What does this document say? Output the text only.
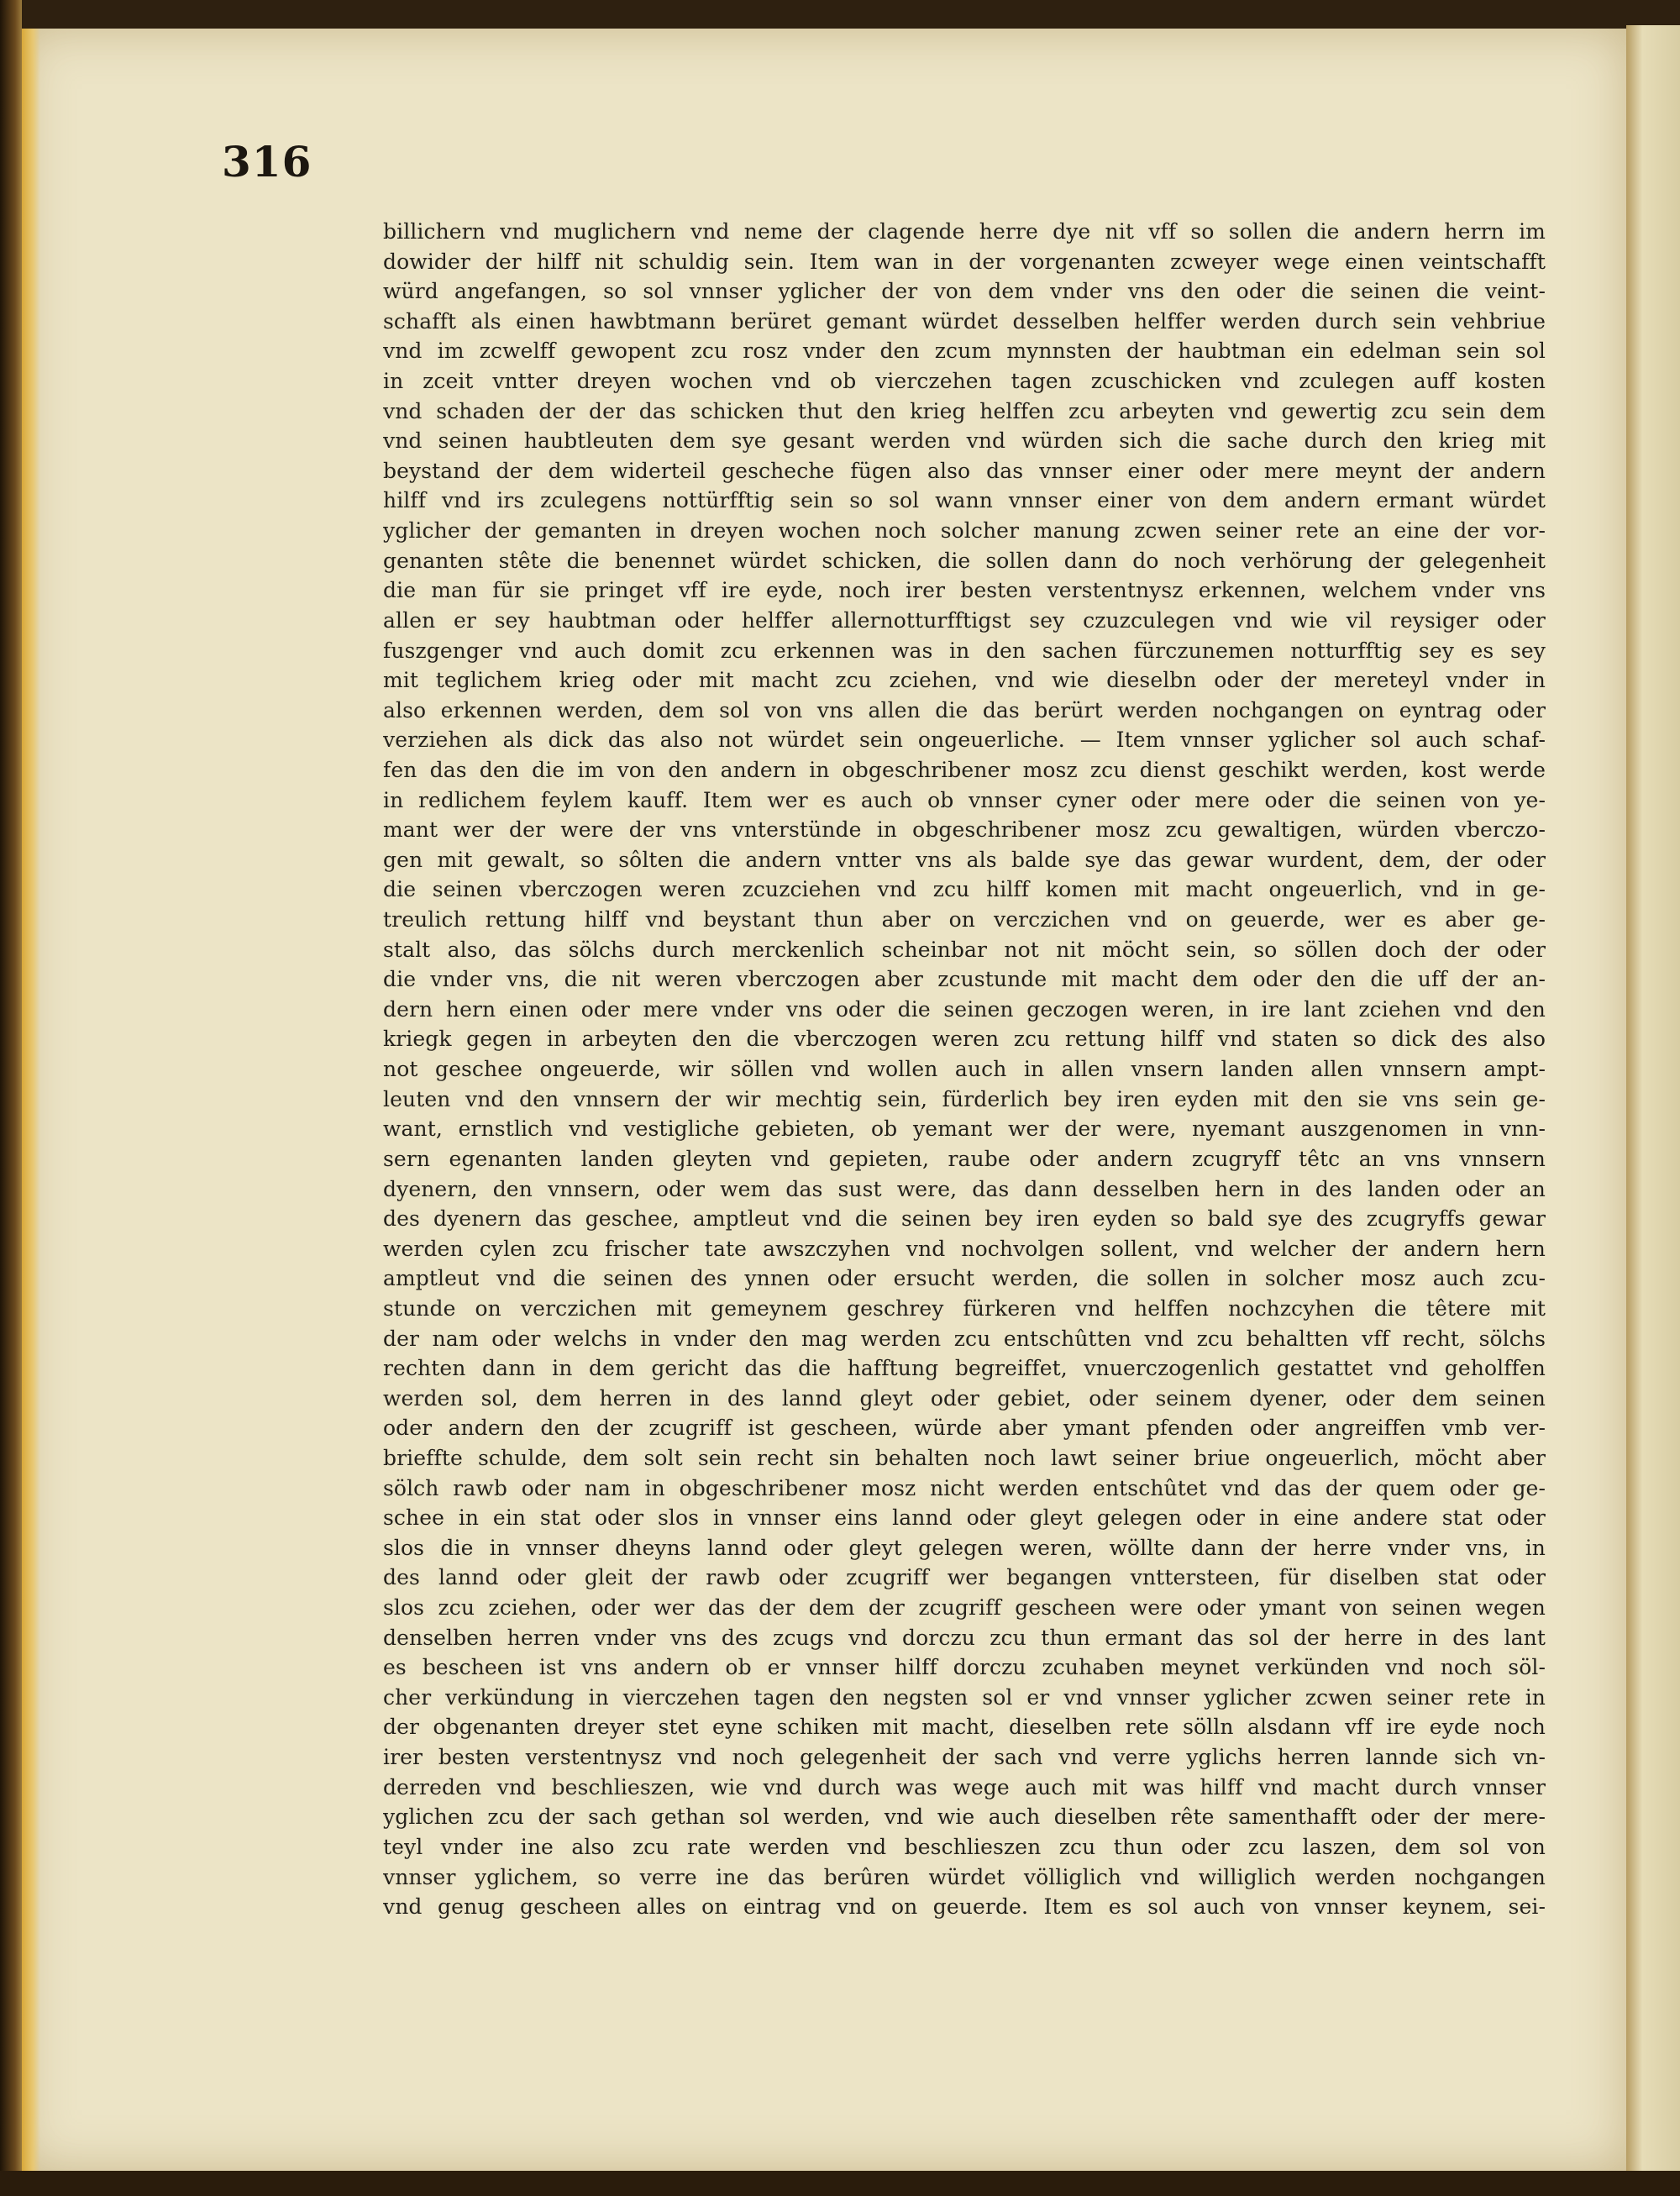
316
billichern vnd muglichern vnd neme der clagende herre dye nit vff so sollen die andern herrn im
dowider der hilff nit schuldig sein. Item wan in der vorgenanten zcweyer wege einen veintschafft
würd angefangen, so sol vnnser yglicher der von dem vnder vns den oder die seinen die veint-
schafft als einen hawbtmann berüret gemant würdet desselben helffer werden durch sein vehbriue
vnd im zcwelff gewopent zcu rosz vnder den zcum mynnsten der haubtman ein edelman sein sol
in zceit vntter dreyen wochen vnd ob vierczehen tagen zcuschicken vnd zculegen auff kosten
vnd schaden der der das schicken thut den krieg helffen zcu arbeyten vnd gewertig zcu sein dem
vnd seinen haubtleuten dem sye gesant werden vnd würden sich die sache durch den krieg mit
beystand der dem widerteil gescheche fügen also das vnnser einer oder mere meynt der andern
hilff vnd irs zculegens nottürfftig sein so sol wann vnnser einer von dem andern ermant würdet
yglicher der gemanten in dreyen wochen noch solcher manung zcwen seiner rete an eine der vor-
genanten stête die benennet würdet schicken, die sollen dann do noch verhörung der gelegenheit
die man für sie pringet vff ire eyde, noch irer besten verstentnysz erkennen, welchem vnder vns
allen er sey haubtman oder helffer allernotturfftigst sey czuzculegen vnd wie vil reysiger oder
fuszgenger vnd auch domit zcu erkennen was in den sachen fürczunemen notturfftig sey es sey
mit teglichem krieg oder mit macht zcu zciehen, vnd wie dieselbn oder der mereteyl vnder in
also erkennen werden, dem sol von vns allen die das berürt werden nochgangen on eyntrag oder
verziehen als dick das also not würdet sein ongeuerliche. — Item vnnser yglicher sol auch schaf-
fen das den die im von den andern in obgeschribener mosz zcu dienst geschikt werden, kost werde
in redlichem feylem kauff. Item wer es auch ob vnnser cyner oder mere oder die seinen von ye-
mant wer der were der vns vnterstünde in obgeschribener mosz zcu gewaltigen, würden vberczo-
gen mit gewalt, so sôlten die andern vntter vns als balde sye das gewar wurdent, dem, der oder
die seinen vberczogen weren zcuzciehen vnd zcu hilff komen mit macht ongeuerlich, vnd in ge-
treulich rettung hilff vnd beystant thun aber on verczichen vnd on geuerde, wer es aber ge-
stalt also, das sölchs durch merckenlich scheinbar not nit möcht sein, so söllen doch der oder
die vnder vns, die nit weren vberczogen aber zcustunde mit macht dem oder den die uff der an-
dern hern einen oder mere vnder vns oder die seinen geczogen weren, in ire lant zciehen vnd den
kriegk gegen in arbeyten den die vberczogen weren zcu rettung hilff vnd staten so dick des also
not geschee ongeuerde, wir söllen vnd wollen auch in allen vnsern landen allen vnnsern ampt-
leuten vnd den vnnsern der wir mechtig sein, fürderlich bey iren eyden mit den sie vns sein ge-
want, ernstlich vnd vestigliche gebieten, ob yemant wer der were, nyemant auszgenomen in vnn-
sern egenanten landen gleyten vnd gepieten, raube oder andern zcugryff têtc an vns vnnsern
dyenern, den vnnsern, oder wem das sust were, das dann desselben hern in des landen oder an
des dyenern das geschee, amptleut vnd die seinen bey iren eyden so bald sye des zcugryffs gewar
werden cylen zcu frischer tate awszczyhen vnd nochvolgen sollent, vnd welcher der andern hern
amptleut vnd die seinen des ynnen oder ersucht werden, die sollen in solcher mosz auch zcu-
stunde on verczichen mit gemeynem geschrey fürkeren vnd helffen nochzcyhen die têtere mit
der nam oder welchs in vnder den mag werden zcu entschûtten vnd zcu behaltten vff recht, sölchs
rechten dann in dem gericht das die hafftung begreiffet, vnuerczogenlich gestattet vnd geholffen
werden sol, dem herren in des lannd gleyt oder gebiet, oder seinem dyener, oder dem seinen
oder andern den der zcugriff ist gescheen, würde aber ymant pfenden oder angreiffen vmb ver-
brieffte schulde, dem solt sein recht sin behalten noch lawt seiner briue ongeuerlich, möcht aber
sölch rawb oder nam in obgeschribener mosz nicht werden entschûtet vnd das der quem oder ge-
schee in ein stat oder slos in vnnser eins lannd oder gleyt gelegen oder in eine andere stat oder
slos die in vnnser dheyns lannd oder gleyt gelegen weren, wöllte dann der herre vnder vns, in
des lannd oder gleit der rawb oder zcugriff wer begangen vnttersteen, für diselben stat oder
slos zcu zciehen, oder wer das der dem der zcugriff gescheen were oder ymant von seinen wegen
denselben herren vnder vns des zcugs vnd dorczu zcu thun ermant das sol der herre in des lant
es bescheen ist vns andern ob er vnnser hilff dorczu zcuhaben meynet verkünden vnd noch söl-
cher verkündung in vierczehen tagen den negsten sol er vnd vnnser yglicher zcwen seiner rete in
der obgenanten dreyer stet eyne schiken mit macht, dieselben rete sölln alsdann vff ire eyde noch
irer besten verstentnysz vnd noch gelegenheit der sach vnd verre yglichs herren lannde sich vn-
derreden vnd beschlieszen, wie vnd durch was wege auch mit was hilff vnd macht durch vnnser
yglichen zcu der sach gethan sol werden, vnd wie auch dieselben rête samenthafft oder der mere-
teyl vnder ine also zcu rate werden vnd beschlieszen zcu thun oder zcu laszen, dem sol von
vnnser yglichem, so verre ine das berûren würdet völliglich vnd williglich werden nochgangen
vnd genug gescheen alles on eintrag vnd on geuerde. Item es sol auch von vnnser keynem, sei-
